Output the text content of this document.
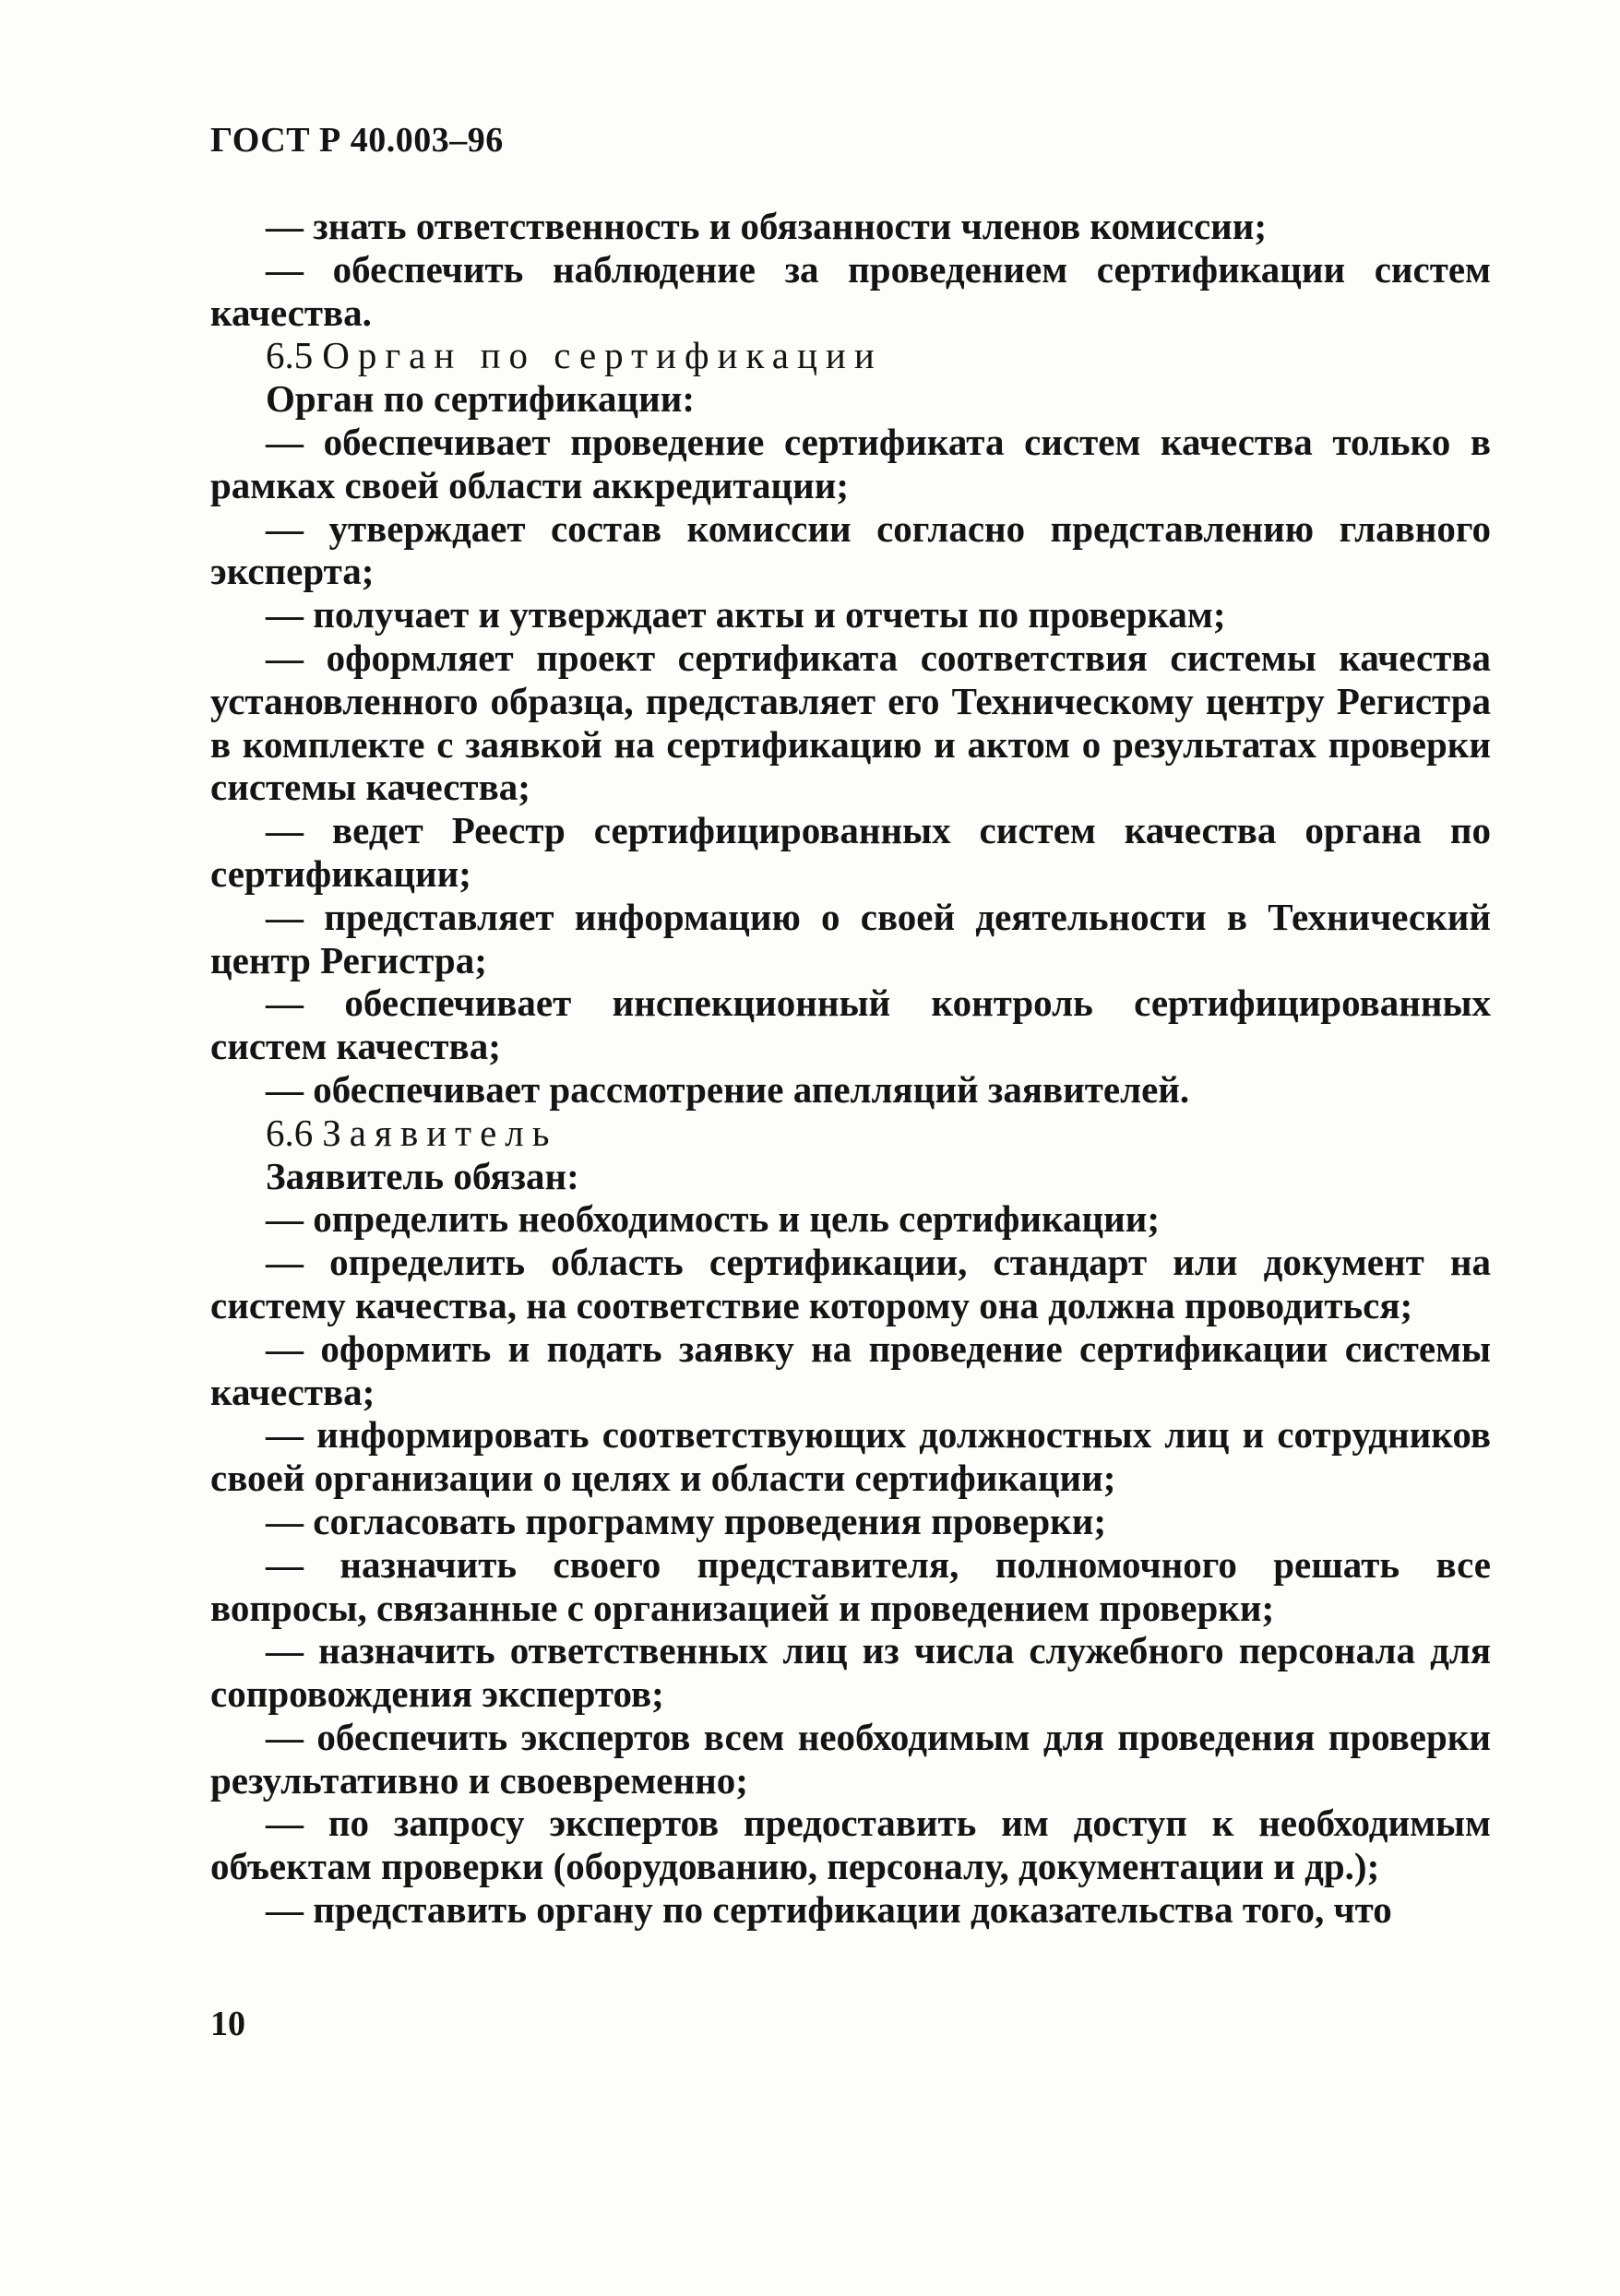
ГОСТ Р 40.003–96

— знать ответственность и обязанности членов комиссии;

— обеспечить наблюдение за проведением сертификации систем качества.

6.5 Орган по сертификации

Орган по сертификации:

— обеспечивает проведение сертификата систем качества только в рамках своей области аккредитации;

— утверждает состав комиссии согласно представлению главного эксперта;

— получает и утверждает акты и отчеты по проверкам;

— оформляет проект сертификата соответствия системы качества установленного образца, представляет его Техническому центру Регистра в комплекте с заявкой на сертификацию и актом о результатах проверки системы качества;

— ведет Реестр сертифицированных систем качества органа по сертификации;

— представляет информацию о своей деятельности в Технический центр Регистра;

— обеспечивает инспекционный контроль сертифицированных систем качества;

— обеспечивает рассмотрение апелляций заявителей.

6.6 Заявитель

Заявитель обязан:

— определить необходимость и цель сертификации;

— определить область сертификации, стандарт или документ на систему качества, на соответствие которому она должна проводиться;

— оформить и подать заявку на проведение сертификации системы качества;

— информировать соответствующих должностных лиц и сотрудников своей организации о целях и области сертификации;

— согласовать программу проведения проверки;

— назначить своего представителя, полномочного решать все вопросы, связанные с организацией и проведением проверки;

— назначить ответственных лиц из числа служебного персонала для сопровождения экспертов;

— обеспечить экспертов всем необходимым для проведения проверки результативно и своевременно;

— по запросу экспертов предоставить им доступ к необходимым объектам проверки (оборудованию, персоналу, документации и др.);

— представить органу по сертификации доказательства того, что

10
